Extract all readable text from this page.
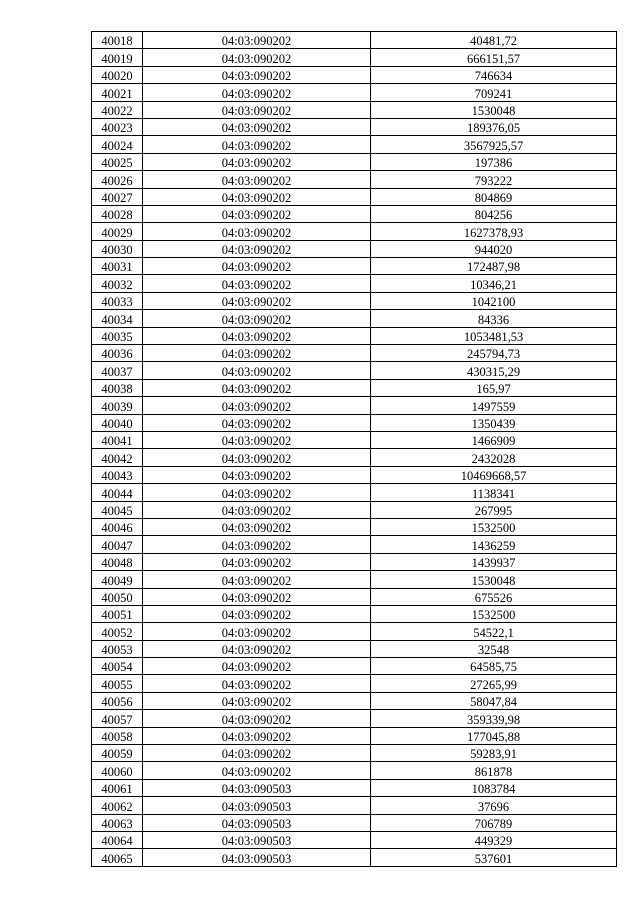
40018	04:03:090202	40481,72
40019	04:03:090202	666151,57
40020	04:03:090202	746634
40021	04:03:090202	709241
40022	04:03:090202	1530048
40023	04:03:090202	189376,05
40024	04:03:090202	3567925,57
40025	04:03:090202	197386
40026	04:03:090202	793222
40027	04:03:090202	804869
40028	04:03:090202	804256
40029	04:03:090202	1627378,93
40030	04:03:090202	944020
40031	04:03:090202	172487,98
40032	04:03:090202	10346,21
40033	04:03:090202	1042100
40034	04:03:090202	84336
40035	04:03:090202	1053481,53
40036	04:03:090202	245794,73
40037	04:03:090202	430315,29
40038	04:03:090202	165,97
40039	04:03:090202	1497559
40040	04:03:090202	1350439
40041	04:03:090202	1466909
40042	04:03:090202	2432028
40043	04:03:090202	10469668,57
40044	04:03:090202	1138341
40045	04:03:090202	267995
40046	04:03:090202	1532500
40047	04:03:090202	1436259
40048	04:03:090202	1439937
40049	04:03:090202	1530048
40050	04:03:090202	675526
40051	04:03:090202	1532500
40052	04:03:090202	54522,1
40053	04:03:090202	32548
40054	04:03:090202	64585,75
40055	04:03:090202	27265,99
40056	04:03:090202	58047,84
40057	04:03:090202	359339,98
40058	04:03:090202	177045,88
40059	04:03:090202	59283,91
40060	04:03:090202	861878
40061	04:03:090503	1083784
40062	04:03:090503	37696
40063	04:03:090503	706789
40064	04:03:090503	449329
40065	04:03:090503	537601
